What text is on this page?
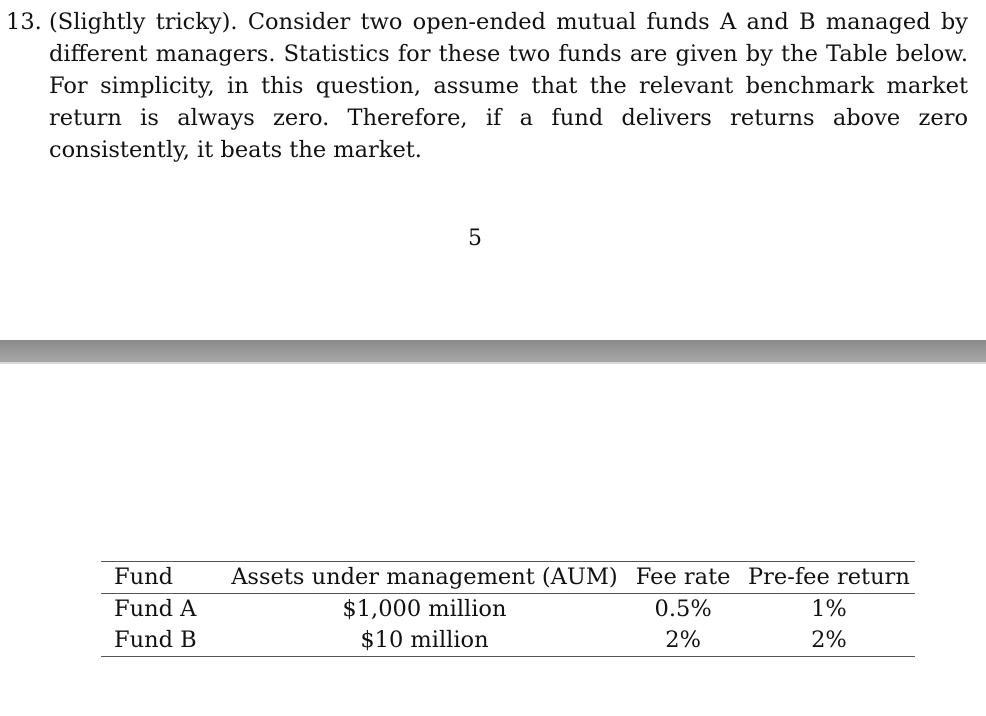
13. (Slightly tricky). Consider two open-ended mutual funds A and B managed by different managers. Statistics for these two funds are given by the Table below. For simplicity, in this question, assume that the relevant benchmark market return is always zero. Therefore, if a fund delivers returns above zero consistently, it beats the market.
5
Fund	Assets under management (AUM)	Fee rate	Pre-fee return
Fund A	$1,000 million	0.5%	1%
Fund B	$10 million	2%	2%
